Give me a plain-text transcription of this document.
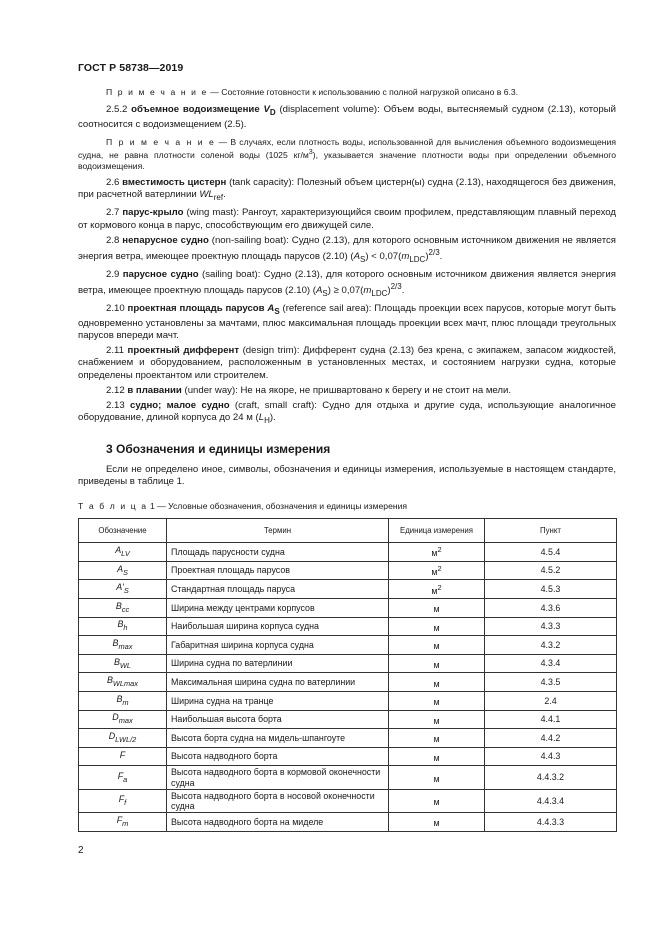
ГОСТ Р 58738—2019

П р и м е ч а н и е — Состояние готовности к использованию с полной нагрузкой описано в 6.3.

2.5.2 объемное водоизмещение $V_D$ (displacement volume): Объем воды, вытесняемый судном (2.13), который соотносится с водоизмещением (2.5).

П р и м е ч а н и е — В случаях, если плотность воды, использованной для вычисления объемного водоизмещения судна, не равна плотности соленой воды (1025 $кг/м^3$), указывается значение плотности воды при определении объемного водоизмещения.

2.6 вместимость цистерн (tank capacity): Полезный объем цистерн(ы) судна (2.13), находящегося без движения, при расчетной ватерлинии $WL_{ref}$.

2.7 парус-крыло (wing mast): Рангоут, характеризующийся своим профилем, представляющим плавный переход от кормового конца в парус, способствующим его движущей силе.

2.8 непарусное судно (non-sailing boat): Судно (2.13), для которого основным источником движения не является энергия ветра, имеющее проектную площадь парусов (2.10) $(A_S) < 0,07(m_{LDC})^{2/3}$.

2.9 парусное судно (sailing boat): Судно (2.13), для которого основным источником движения является энергия ветра, имеющее проектную площадь парусов (2.10) $(A_S) \ge 0,07(m_{LDC})^{2/3}$.

2.10 проектная площадь парусов $A_S$ (reference sail area): Площадь проекции всех парусов, которые могут быть одновременно установлены за мачтами, плюс максимальная площадь проекции всех мачт, плюс площади треугольных парусов впереди мачт.

2.11 проектный дифферент (design trim): Дифферент судна (2.13) без крена, с экипажем, запасом жидкостей, снабжением и оборудованием, расположенным в установленных местах, и состоянием нагрузки судна, которые определены проектантом или строителем.

2.12 в плавании (under way): Не на якоре, не пришвартовано к берегу и не стоит на мели.

2.13 судно; малое судно (craft, small craft): Судно для отдыха и другие суда, использующие аналогичное оборудование, длиной корпуса до 24 м $(L_H)$.

3 Обозначения и единицы измерения

Если не определено иное, символы, обозначения и единицы измерения, используемые в настоящем стандарте, приведены в таблице 1.

Т а б л и ц а 1 — Условные обозначения, обозначения и единицы измерения
Обозначение	Термин	Единица измерения	Пункт
$A_{LV}$	Площадь парусности судна	$м^2$	4.5.4
$A_S$	Проектная площадь парусов	$м^2$	4.5.2
$A'_S$	Стандартная площадь паруса	$м^2$	4.5.3
$B_{cc}$	Ширина между центрами корпусов	м	4.3.6
$B_h$	Наибольшая ширина корпуса судна	м	4.3.3
$B_{max}$	Габаритная ширина корпуса судна	м	4.3.2
$B_{WL}$	Ширина судна по ватерлинии	м	4.3.4
$B_{WLmax}$	Максимальная ширина судна по ватерлинии	м	4.3.5
$B_т$	Ширина судна на транце	м	2.4
$D_{max}$	Наибольшая высота борта	м	4.4.1
$D_{LWL/2}$	Высота борта судна на мидель-шпангоуте	м	4.4.2
F	Высота надводного борта	м	4.4.3
$F_a$	Высота надводного борта в кормовой оконечности судна	м	4.4.3.2
$F_f$	Высота надводного борта в носовой оконечности судна	м	4.4.3.4
$F_m$	Высота надводного борта на миделе	м	4.4.3.3
2
